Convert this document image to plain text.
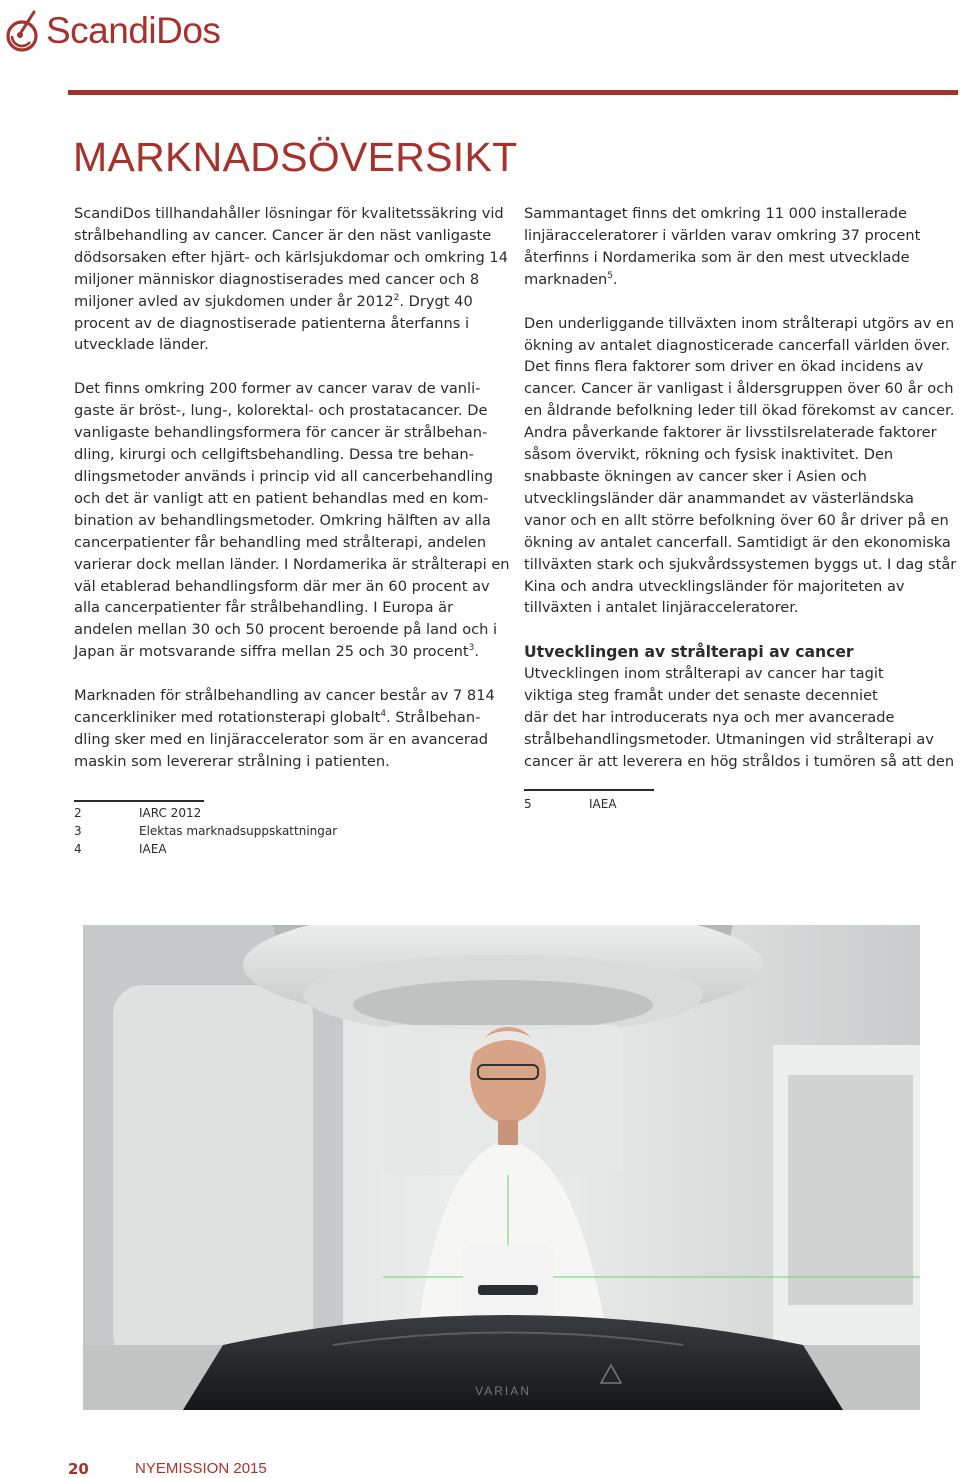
ScandiDos
MARKNADSÖVERSIKT

ScandiDos tillhandahåller lösningar för kvalitetssäkring vid strålbehandling av cancer. Cancer är den näst vanligaste dödsorsaken efter hjärt- och kärlsjukdomar och omkring 14 miljoner människor diagnostiserades med cancer och 8 miljoner avled av sjukdomen under år 2012$^2$. Drygt 40 procent av de diagnostiserade patienterna återfanns i utvecklade länder.

Det finns omkring 200 former av cancer varav de vanli-
gaste är bröst-, lung-, kolorektal- och prostatacancer. De vanligaste behandlingsformera för cancer är strålbehan-
dling, kirurgi och cellgiftsbehandling. Dessa tre behan-
dlingsmetoder används i princip vid all cancerbehandling och det är vanligt att en patient behandlas med en kom-
bination av behandlingsmetoder. Omkring hälften av alla cancerpatienter får behandling med strålterapi, andelen varierar dock mellan länder. I Nordamerika är strålterapi en väl etablerad behandlingsform där mer än 60 procent av alla cancerpatienter får strålbehandling. I Europa är andelen mellan 30 och 50 procent beroende på land och i Japan är motsvarande siffra mellan 25 och 30 procent$^3$.

Marknaden för strålbehandling av cancer består av 7 814 cancerkliniker med rotationsterapi globalt$^4$. Strålbehan-
dling sker med en linjäraccelerator som är en avancerad maskin som levererar strålning i patienten.

Sammantaget finns det omkring 11 000 installerade linjäracceleratorer i världen varav omkring 37 procent återfinns i Nordamerika som är den mest utvecklade marknaden$^5$.

Den underliggande tillväxten inom strålterapi utgörs av en ökning av antalet diagnosticerade cancerfall världen över. Det finns flera faktorer som driver en ökad incidens av cancer. Cancer är vanligast i åldersgruppen över 60 år och en åldrande befolkning leder till ökad förekomst av cancer. Andra påverkande faktorer är livsstilsrelaterade faktorer såsom övervikt, rökning och fysisk inaktivitet. Den snabbaste ökningen av cancer sker i Asien och utvecklingsländer där anammandet av västerländska vanor och en allt större befolkning över 60 år driver på en ökning av antalet cancerfall. Samtidigt är den ekonomiska tillväxten stark och sjukvårdssystemen byggs ut. I dag står Kina och andra utvecklingsländer för majoriteten av tillväxten i antalet linjäracceleratorer.

Utvecklingen av strålterapi av cancer

Utvecklingen inom strålterapi av cancer har tagit
viktiga steg framåt under det senaste decenniet
där det har introducerats nya och mer avancerade
strålbehandlingsmetoder. Utmaningen vid strålterapi av
cancer är att leverera en hög stråldos i tumören så att den

2	IARC 2012
3	Elektas marknadsuppskattningar
4	IAEA
5	IAEA
VARIAN
20	NYEMISSION 2015
